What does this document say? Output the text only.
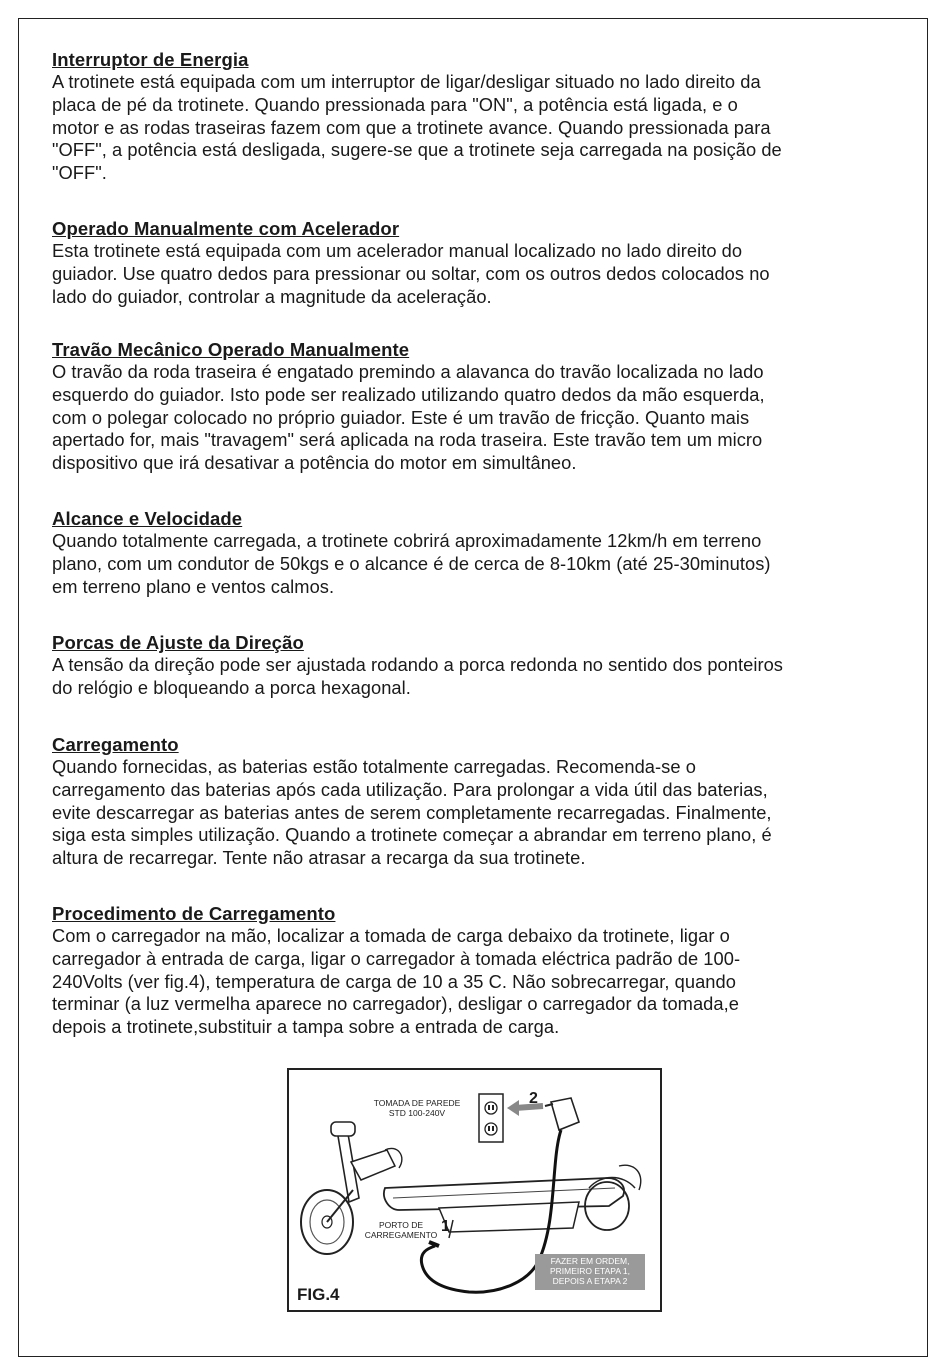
Interruptor de Energia

A trotinete está equipada com um interruptor de ligar/desligar situado no lado direito da

placa de pé da trotinete. Quando pressionada para "ON", a potência está ligada, e o

motor e as rodas traseiras fazem com que a trotinete avance. Quando pressionada para

"OFF", a potência está desligada, sugere-se que a trotinete seja carregada na posição de

"OFF".

Operado Manualmente com Acelerador

Esta trotinete está equipada com um acelerador manual localizado no lado direito do

guiador. Use quatro dedos para pressionar ou soltar, com os outros dedos colocados no

lado do guiador, controlar a magnitude da aceleração.

Travão Mecânico Operado Manualmente

O travão da roda traseira é engatado premindo a alavanca do travão localizada no lado

esquerdo do guiador. Isto pode ser realizado utilizando quatro dedos da mão esquerda,

com o polegar colocado no próprio guiador. Este é um travão de fricção. Quanto mais

apertado for, mais "travagem" será aplicada na roda traseira. Este travão tem um micro

dispositivo que irá desativar a potência do motor em simultâneo.

Alcance e Velocidade

Quando totalmente carregada, a trotinete cobrirá aproximadamente 12km/h em terreno

plano, com um condutor de 50kgs e o alcance é de cerca de 8-10km (até 25-30minutos)

em terreno plano e ventos calmos.

Porcas de Ajuste da Direção

A tensão da direção pode ser ajustada rodando a porca redonda no sentido dos ponteiros

do relógio e bloqueando a porca hexagonal.

Carregamento

Quando fornecidas, as baterias estão totalmente carregadas. Recomenda-se o

carregamento das baterias após cada utilização. Para prolongar a vida útil das baterias,

evite descarregar as baterias antes de serem completamente recarregadas. Finalmente,

siga esta simples utilização. Quando a trotinete começar a abrandar em terreno plano, é

altura de recarregar. Tente não atrasar a recarga da sua trotinete.

Procedimento de Carregamento

Com o carregador na mão, localizar a tomada de carga debaixo da trotinete, ligar o

carregador à entrada de carga, ligar o carregador à tomada eléctrica padrão de 100-

240Volts (ver fig.4), temperatura de carga de 10 a 35 C. Não sobrecarregar, quando

terminar (a luz vermelha aparece no carregador), desligar o carregador da tomada,e

depois a trotinete,substituir a tampa sobre a entrada de carga.

TOMADA DE PAREDE
STD 100-240V
2
PORTO DE
CARREGAMENTO 1
FAZER EM ORDEM,
PRIMEIRO ETAPA 1,
DEPOIS A ETAPA 2
FIG.4
